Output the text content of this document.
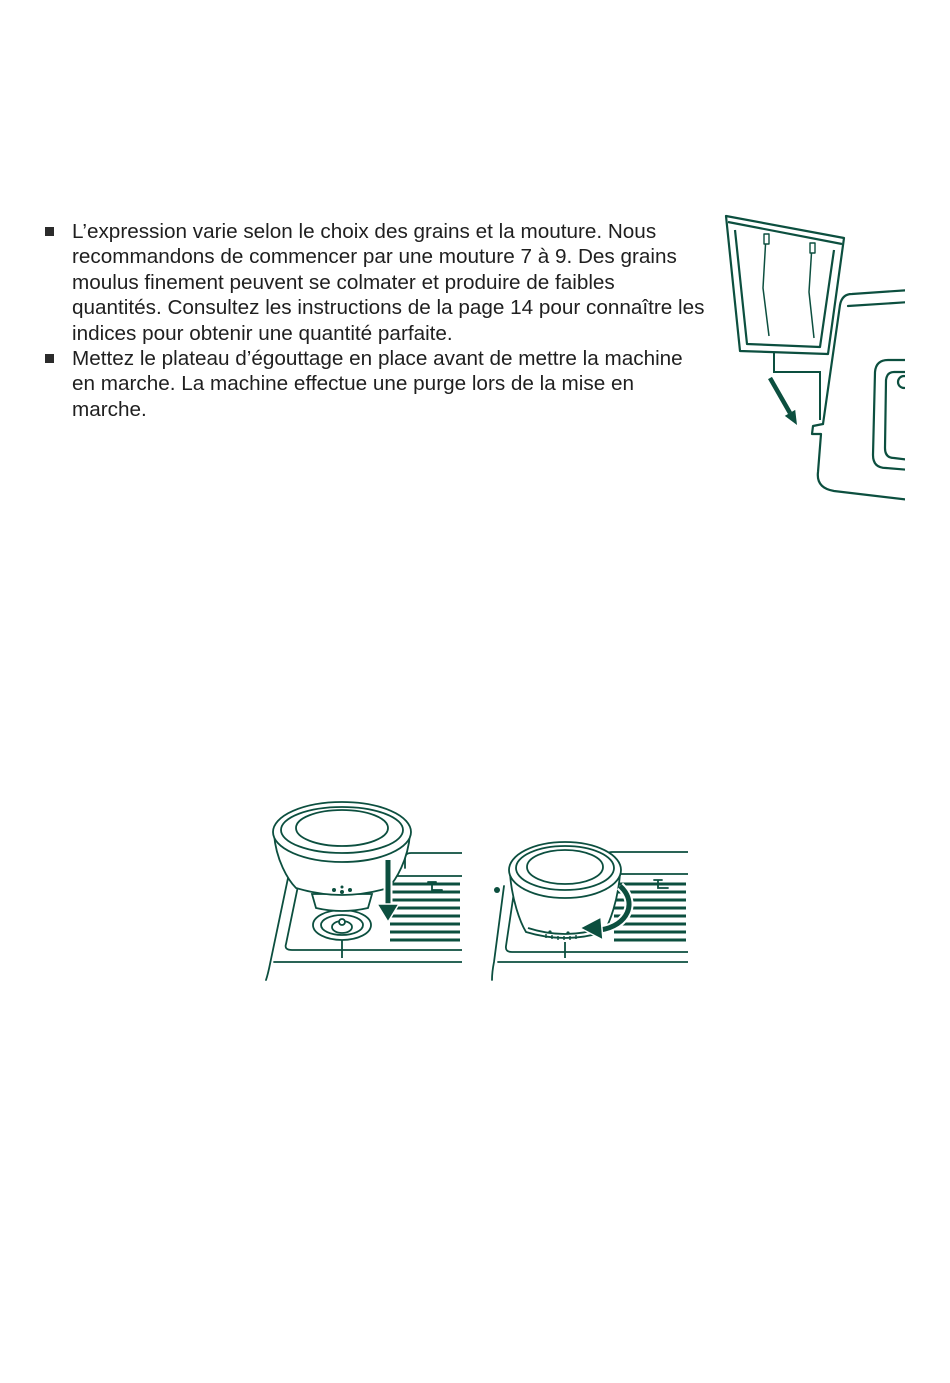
L’expression varie selon le choix des grains et la mouture. Nous
recommandons de commencer par une mouture 7 à 9. Des grains
moulus finement peuvent se colmater et produire de faibles
quantités. Consultez les instructions de la page 14 pour connaître les
indices pour obtenir une quantité parfaite.
Mettez le plateau d’égouttage en place avant de mettre la machine
en marche. La machine effectue une purge lors de la mise en
marche.
